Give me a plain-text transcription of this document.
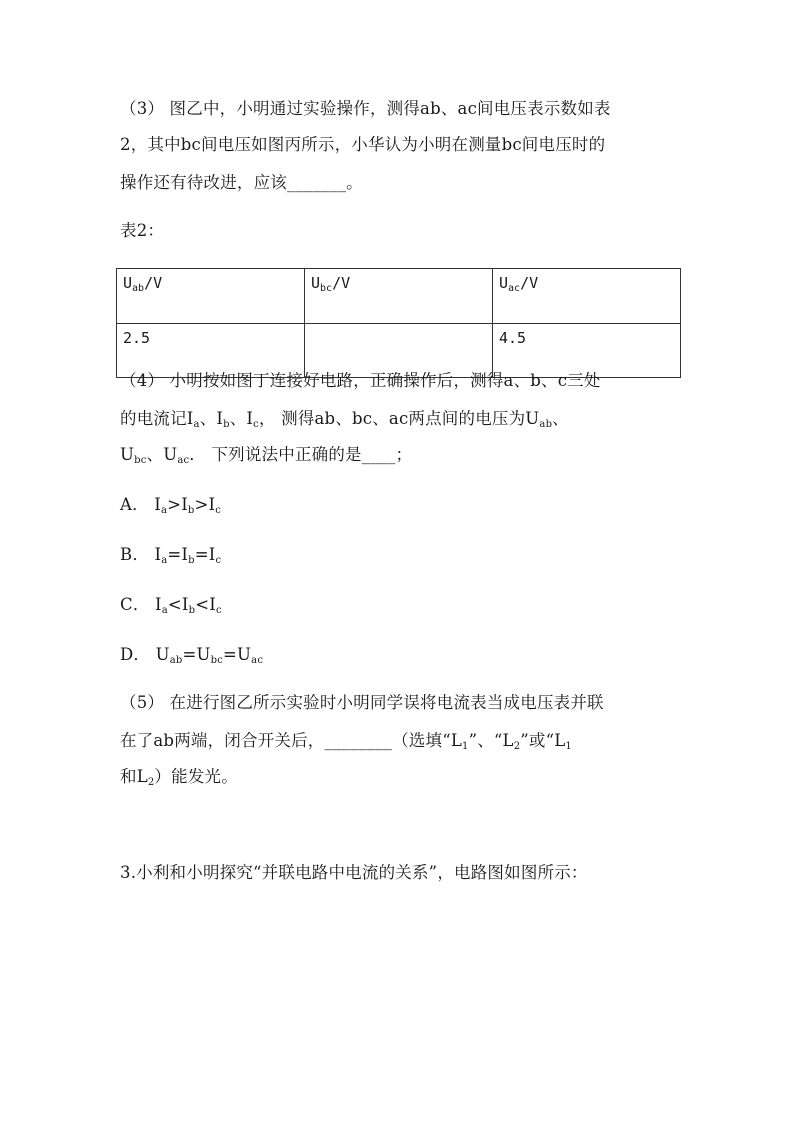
（3） 图乙中，小明通过实验操作，测得ab、ac间电压表示数如表
2，其中bc间电压如图丙所示，小华认为小明在测量bc间电压时的
操作还有待改进，应该_______。
表2：
$U_{ab}/V$	$U_{bc}/V$	$U_{ac}/V$
2.5		4.5
（4） 小明按如图丁连接好电路，正确操作后，测得a、b、c三处
的电流记$I_a$、$I_b$、$I_c$， 测得ab、bc、ac两点间的电压为$U_{ab}$、
$U_{bc}$、$U_{ac}$． 下列说法中正确的是____；
A． $I_a>I_b>I_c$
B． $I_a=I_b=I_c$
C． $I_a<I_b<I_c$
D． $U_{ab}=U_{bc}=U_{ac}$
（5） 在进行图乙所示实验时小明同学误将电流表当成电压表并联
在了ab两端，闭合开关后，________（选填“$L_1$”、“$L_2$”或“$L_1$
和$L_2$）能发光。
3.小利和小明探究“并联电路中电流的关系”，电路图如图所示：
